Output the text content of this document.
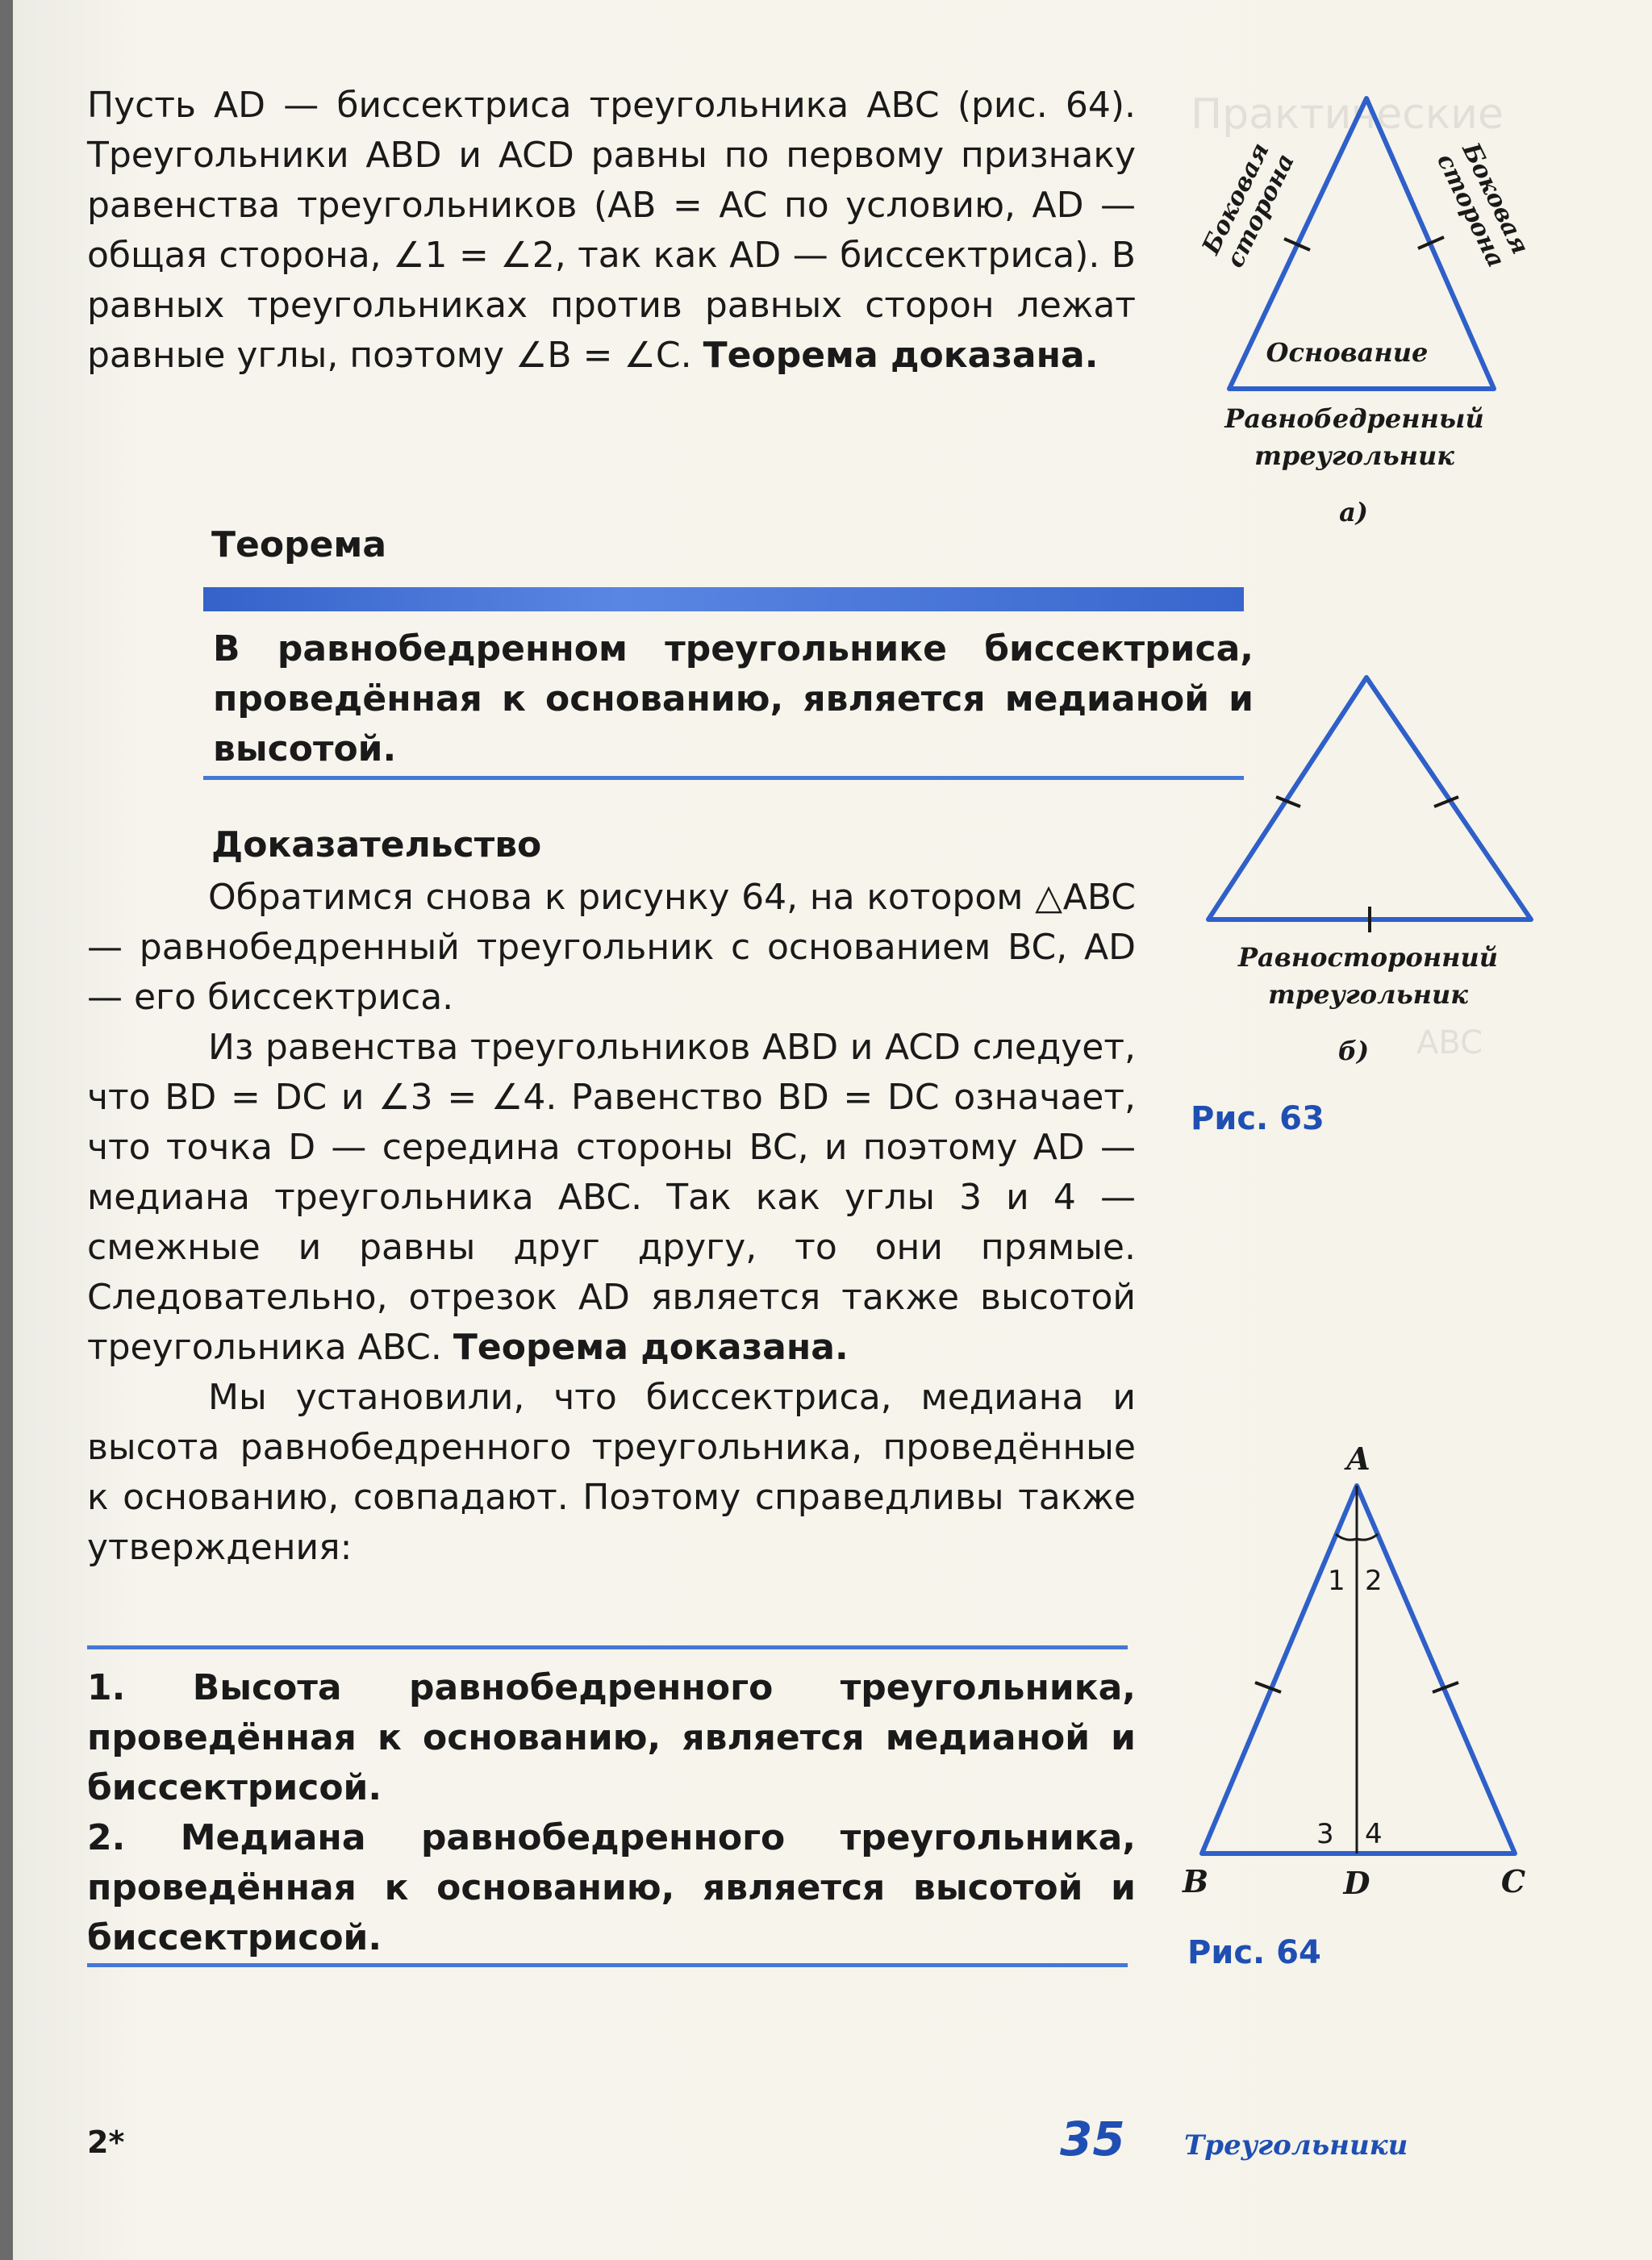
Практические
ABC

Пусть AD — биссектриса треугольника ABC (рис. 64). Треугольники ABD и ACD равны по первому признаку равенства треугольников (AB = AC по условию, AD — общая сторона, ∠1 = ∠2, так как AD — биссектриса). В равных треугольниках против равных сторон лежат равные углы, поэтому ∠B = ∠C. Теорема доказана.

Теорема

В равнобедренном треугольнике биссектриса, проведённая к основанию, является медианой и высотой.

Доказательство

Обратимся снова к рисунку 64, на котором △ABC — равнобедренный треугольник с основанием BC, AD — его биссектриса.

Из равенства треугольников ABD и ACD следует, что BD = DC и ∠3 = ∠4. Равенство BD = DC означает, что точка D — середина стороны BC, и поэтому AD — медиана треугольника ABC. Так как углы 3 и 4 — смежные и равны друг другу, то они прямые. Следовательно, отрезок AD является также высотой треугольника ABC. Теорема доказана.

Мы установили, что биссектриса, медиана и высота равнобедренного треугольника, проведённые к основанию, совпадают. Поэтому справедливы также утверждения:

1. Высота равнобедренного треугольника, проведённая к основанию, является медианой и биссектрисой.

2. Медиана равнобедренного треугольника, проведённая к основанию, является высотой и биссектрисой.

Боковая сторона	Боковая сторона
Основание
Равнобедренный
треугольник
а)
Равносторонний
треугольник
б)
Рис. 63
A
B	C
D
1 2
3 4
Рис. 64
2*	35 Треугольники
